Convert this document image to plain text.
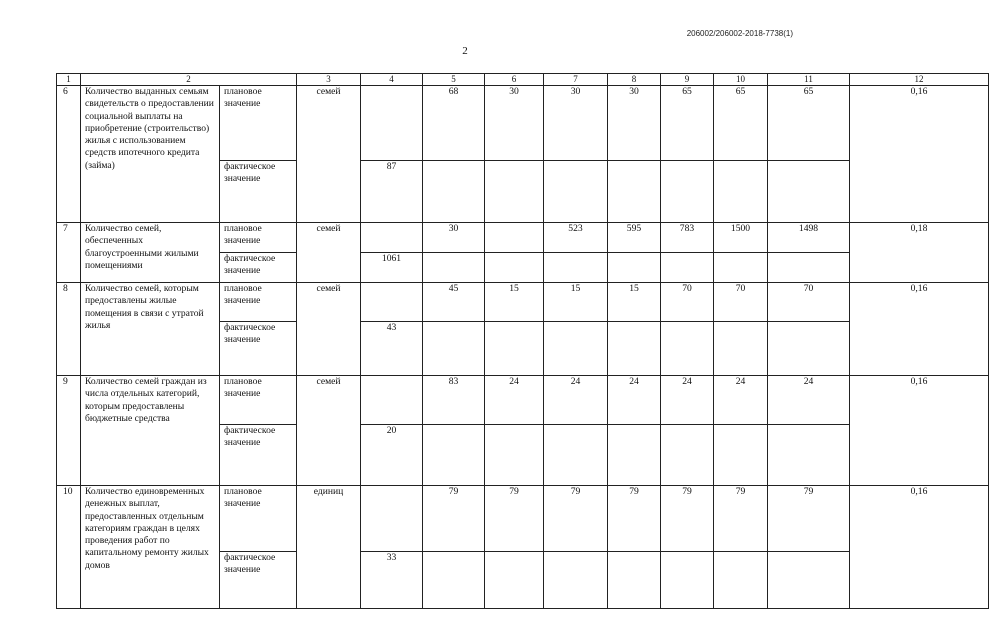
206002/206002-2018-7738(1)
2
1	2		3	4	5	6	7	8	9	10	11	12
6	Количество выданных семьям свидетельств о предоставлении социальной выплаты на приобретение (строительство) жилья с использованием средств ипотечного кредита (займа)	плановое значение	семей		68	30	30	30	65	65	65	0,16
		фактическое значение		87								
7	Количество семей, обеспеченных благоустроенными жилыми помещениями	плановое значение	семей		30		523	595	783	1500	1498	0,18
		фактическое значение		1061								
8	Количество семей, которым предоставлены жилые помещения в связи с утратой жилья	плановое значение	семей		45	15	15	15	70	70	70	0,16
		фактическое значение		43								
9	Количество семей граждан из числа отдельных категорий, которым предоставлены бюджетные средства	плановое значение	семей		83	24	24	24	24	24	24	0,16
		фактическое значение		20								
10	Количество единовременных денежных выплат, предоставленных отдельным категориям граждан в целях проведения работ по капитальному ремонту жилых домов	плановое значение	единиц		79	79	79	79	79	79	79	0,16
		фактическое значение		33								
